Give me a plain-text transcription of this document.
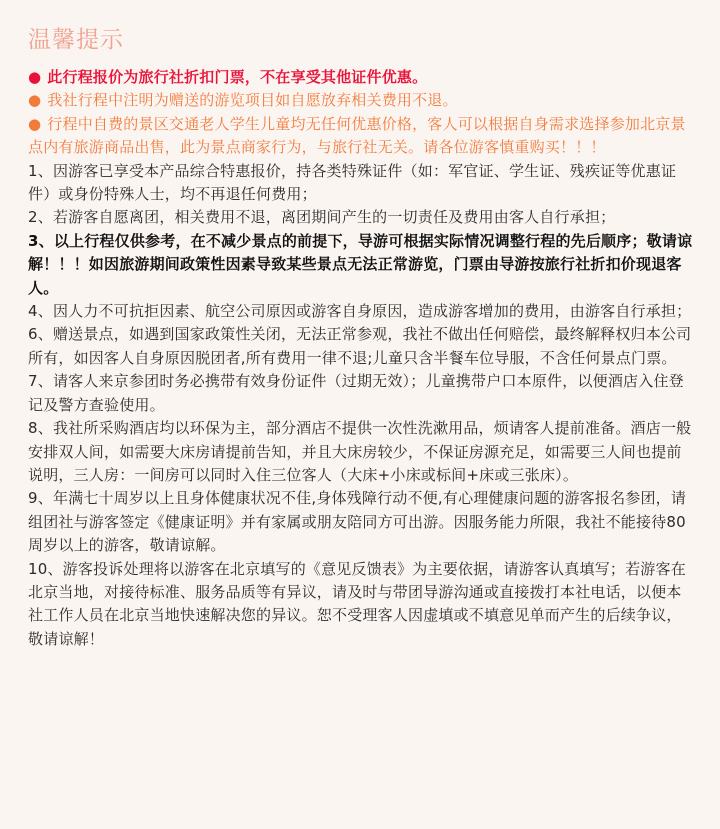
温馨提示

● 此行程报价为旅行社折扣门票，不在享受其他证件优惠。

● 我社行程中注明为赠送的游览项目如自愿放弃相关费用不退。

● 行程中自费的景区交通老人学生儿童均无任何优惠价格，客人可以根据自身需求选择参加北京景点内有旅游商品出售，此为景点商家行为，与旅行社无关。请各位游客慎重购买！！！

1、因游客已享受本产品综合特惠报价，持各类特殊证件（如：军官证、学生证、残疾证等优惠证件）或身份特殊人士，均不再退任何费用；

2、若游客自愿离团，相关费用不退，离团期间产生的一切责任及费用由客人自行承担；

3、以上行程仅供参考，在不减少景点的前提下，导游可根据实际情况调整行程的先后顺序；敬请谅解！！！如因旅游期间政策性因素导致某些景点无法正常游览，门票由导游按旅行社折扣价现退客人。

4、因人力不可抗拒因素、航空公司原因或游客自身原因，造成游客增加的费用，由游客自行承担；

6、赠送景点，如遇到国家政策性关闭，无法正常参观，我社不做出任何赔偿，最终解释权归本公司所有，如因客人自身原因脱团者,所有费用一律不退;儿童只含半餐车位导服，不含任何景点门票。

7、请客人来京参团时务必携带有效身份证件（过期无效）；儿童携带户口本原件，以便酒店入住登记及警方查验使用。

8、我社所采购酒店均以环保为主，部分酒店不提供一次性洗漱用品，烦请客人提前准备。酒店一般安排双人间，如需要大床房请提前告知，并且大床房较少，不保证房源充足，如需要三人间也提前说明，三人房：一间房可以同时入住三位客人（大床+小床或标间+床或三张床）。

9、年满七十周岁以上且身体健康状况不佳,身体残障行动不便,有心理健康问题的游客报名参团，请组团社与游客签定《健康证明》并有家属或朋友陪同方可出游。因服务能力所限，我社不能接待80周岁以上的游客，敬请谅解。

10、游客投诉处理将以游客在北京填写的《意见反馈表》为主要依据，请游客认真填写；若游客在北京当地，对接待标准、服务品质等有异议，请及时与带团导游沟通或直接拨打本社电话，以便本社工作人员在北京当地快速解决您的异议。恕不受理客人因虚填或不填意见单而产生的后续争议，敬请谅解！
